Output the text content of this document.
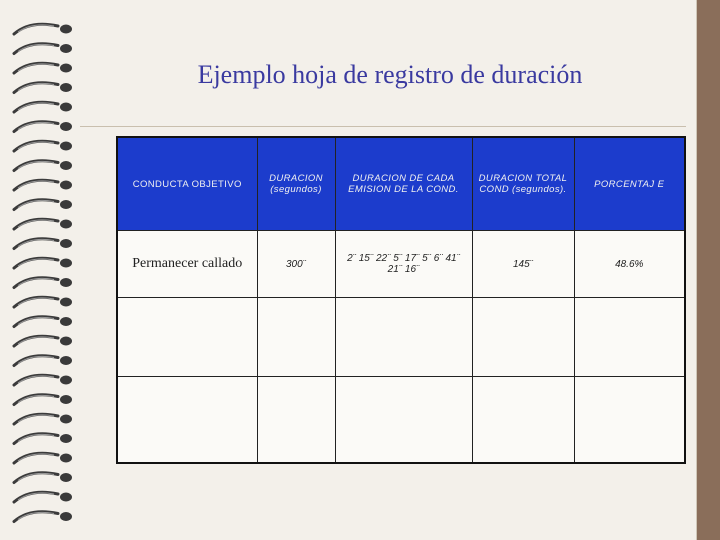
Ejemplo hoja de registro de duración
CONDUCTA OBJETIVO	DURACION (segundos)	DURACION DE CADA EMISION DE LA COND.	DURACION TOTAL COND (segundos).	PORCENTAJ E
Permanecer callado	300¨	2¨ 15¨ 22¨ 5¨ 17¨ 5¨ 6¨ 41¨ 21¨ 16¨	145¨	48.6%
